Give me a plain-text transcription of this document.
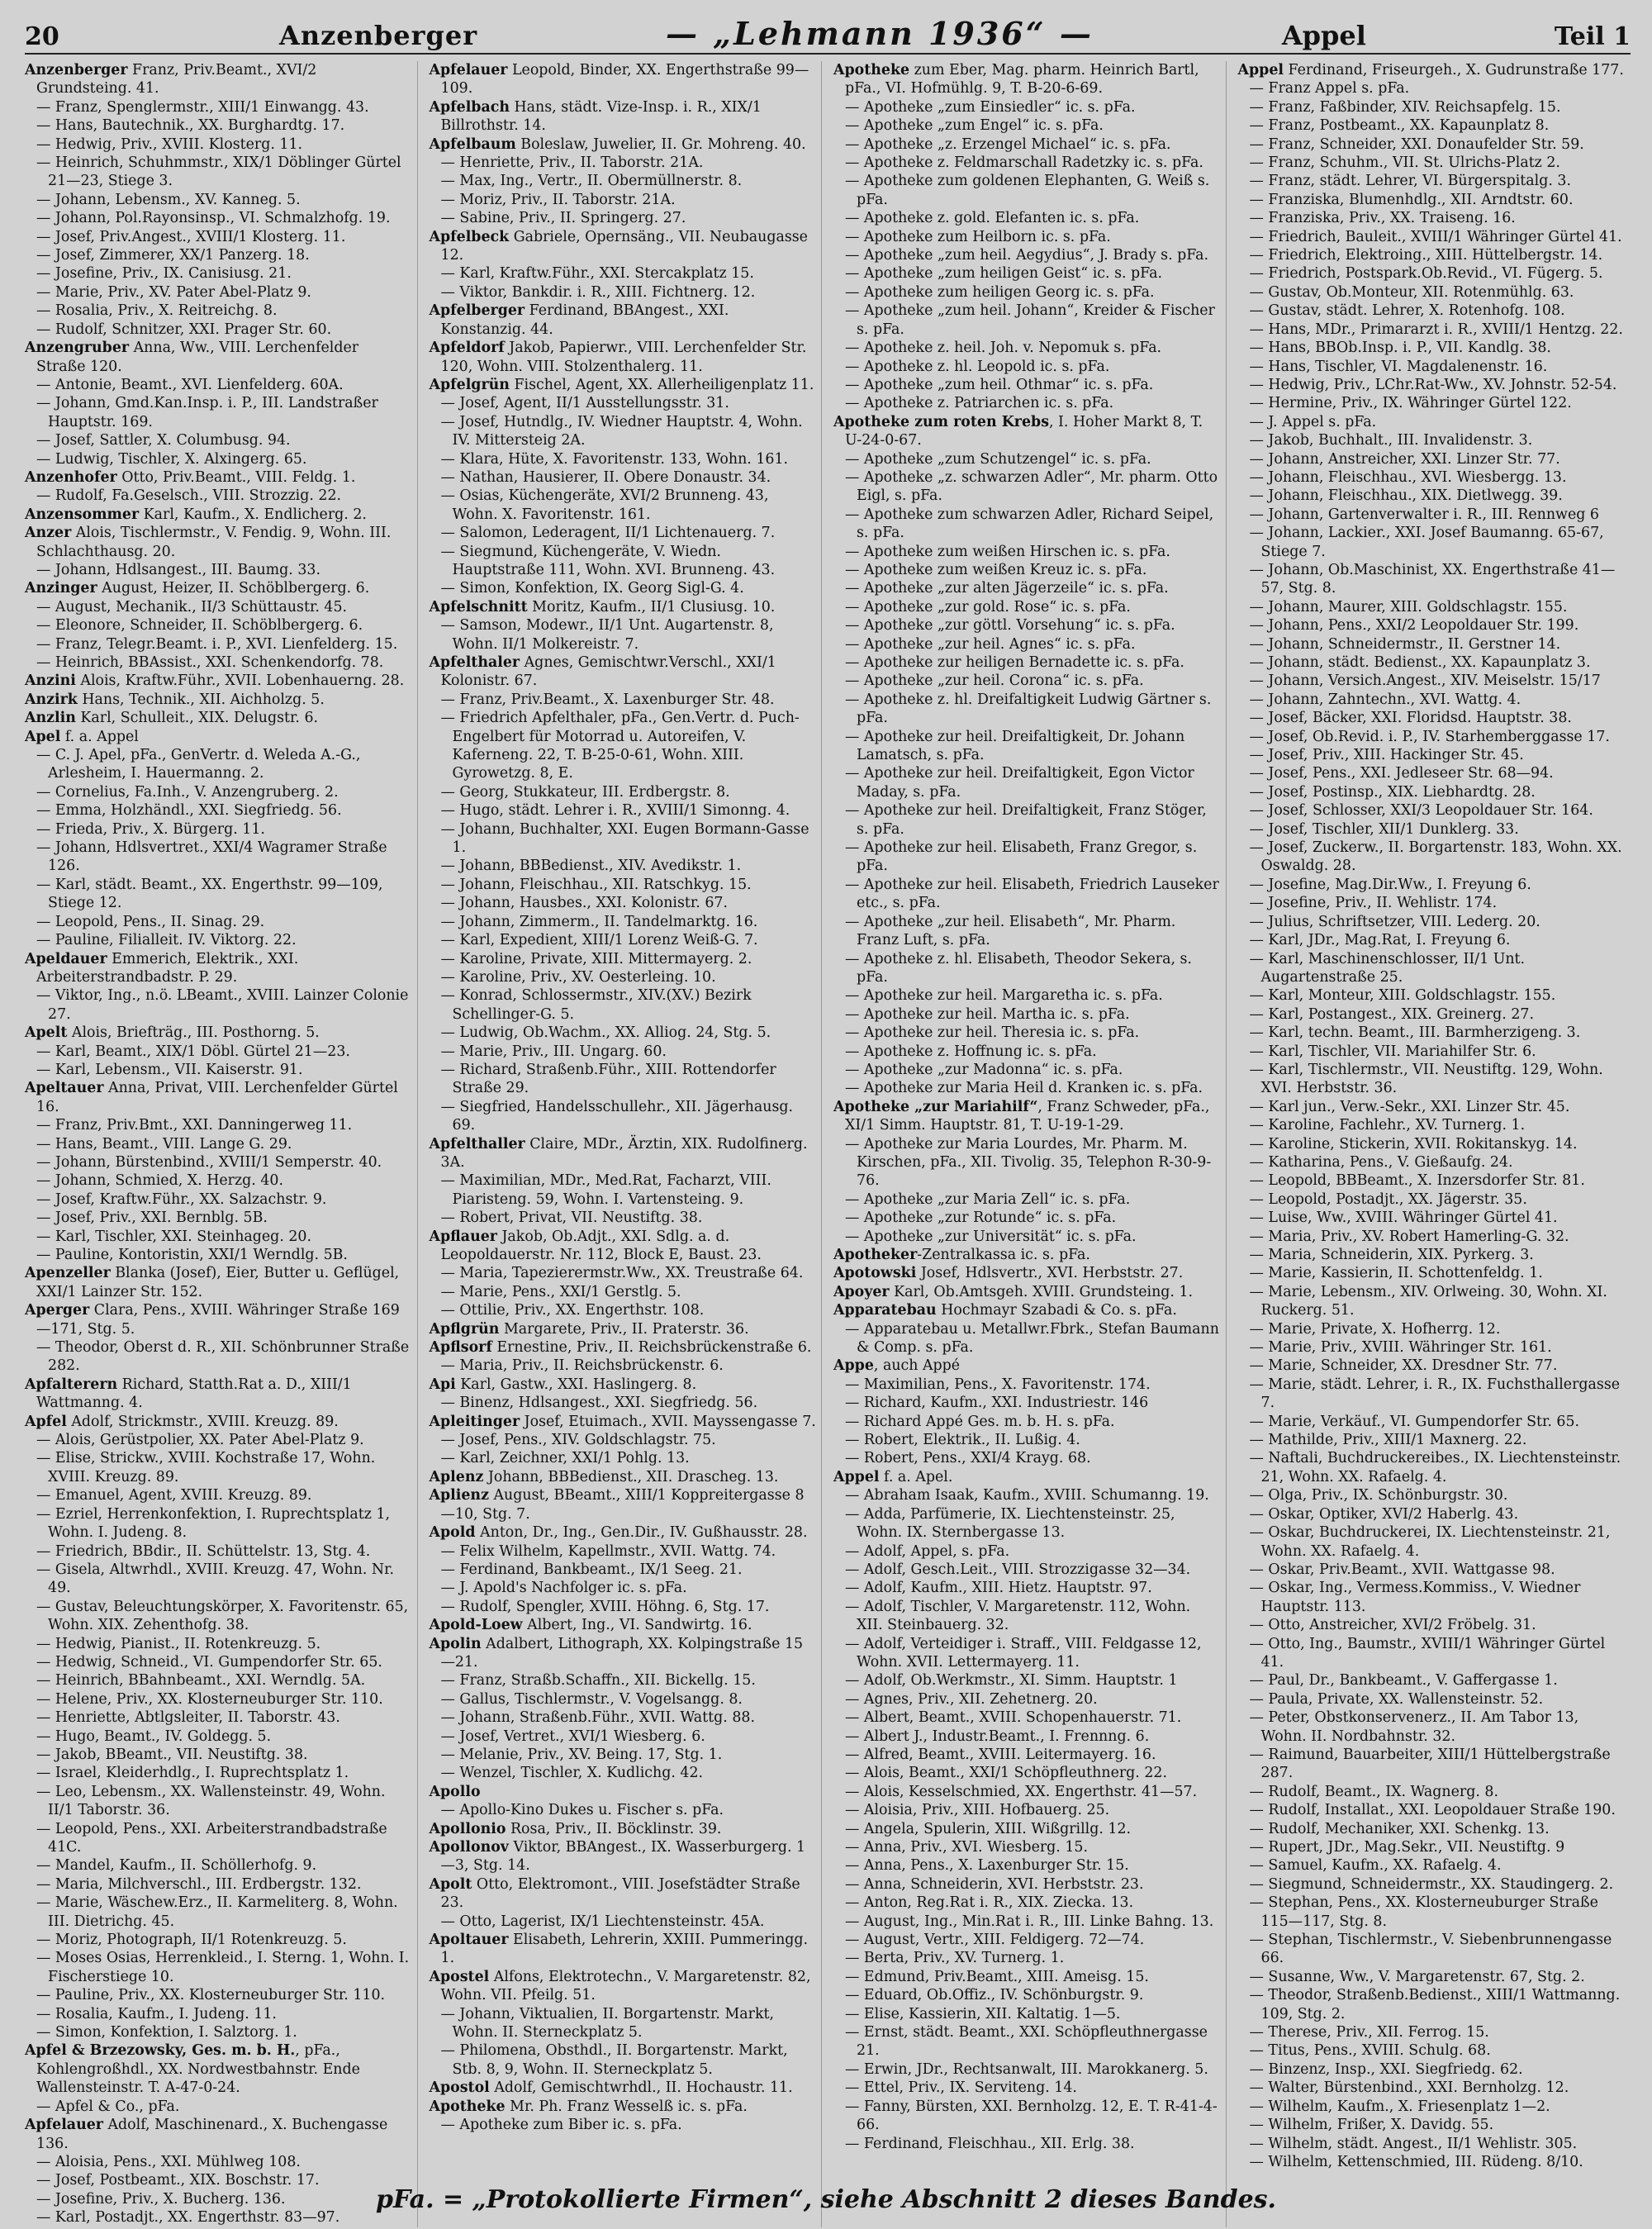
20	Anzenberger	— „Lehmann 1936“ —	Appel	Teil 1
Anzenberger Franz, Priv.Beamt., XVI/2 Grundsteing. 41.
— Franz, Spenglermstr., XIII/1 Einwangg. 43.
— Hans, Bautechnik., XX. Burghardtg. 17.
— Hedwig, Priv., XVIII. Klosterg. 11.
— Heinrich, Schuhmmstr., XIX/1 Döblinger Gürtel 21—23, Stiege 3.
— Johann, Lebensm., XV. Kanneg. 5.
— Johann, Pol.Rayonsinsp., VI. Schmalzhofg. 19.
— Josef, Priv.Angest., XVIII/1 Klosterg. 11.
— Josef, Zimmerer, XX/1 Panzerg. 18.
— Josefine, Priv., IX. Canisiusg. 21.
— Marie, Priv., XV. Pater Abel-Platz 9.
— Rosalia, Priv., X. Reitreichg. 8.
— Rudolf, Schnitzer, XXI. Prager Str. 60.
Anzengruber Anna, Ww., VIII. Lerchenfelder Straße 120.
— Antonie, Beamt., XVI. Lienfelderg. 60A.
— Johann, Gmd.Kan.Insp. i. P., III. Landstraßer Hauptstr. 169.
— Josef, Sattler, X. Columbusg. 94.
— Ludwig, Tischler, X. Alxingerg. 65.
Anzenhofer Otto, Priv.Beamt., VIII. Feldg. 1.
— Rudolf, Fa.Geselsch., VIII. Strozzig. 22.
Anzensommer Karl, Kaufm., X. Endlicherg. 2.
Anzer Alois, Tischlermstr., V. Fendig. 9, Wohn. III. Schlachthausg. 20.
— Johann, Hdlsangest., III. Baumg. 33.
Anzinger August, Heizer, II. Schöblbergerg. 6.
— August, Mechanik., II/3 Schüttaustr. 45.
— Eleonore, Schneider, II. Schöblbergerg. 6.
— Franz, Telegr.Beamt. i. P., XVI. Lienfelderg. 15.
— Heinrich, BBAssist., XXI. Schenkendorfg. 78.
Anzini Alois, Kraftw.Führ., XVII. Lobenhauerng. 28.
Anzirk Hans, Technik., XII. Aichholzg. 5.
Anzlin Karl, Schulleit., XIX. Delugstr. 6.
Apel f. a. Appel
— C. J. Apel, pFa., GenVertr. d. Weleda A.-G., Arlesheim, I. Hauermanng. 2.
— Cornelius, Fa.Inh., V. Anzengruberg. 2.
— Emma, Holzhändl., XXI. Siegfriedg. 56.
— Frieda, Priv., X. Bürgerg. 11.
— Johann, Hdlsvertret., XXI/4 Wagramer Straße 126.
— Karl, städt. Beamt., XX. Engerthstr. 99—109, Stiege 12.
— Leopold, Pens., II. Sinag. 29.
— Pauline, Filialleit. IV. Viktorg. 22.
Apeldauer Emmerich, Elektrik., XXI. Arbeiterstrandbadstr. P. 29.
— Viktor, Ing., n.ö. LBeamt., XVIII. Lainzer Colonie 27.
Apelt Alois, Briefträg., III. Posthorng. 5.
— Karl, Beamt., XIX/1 Döbl. Gürtel 21—23.
— Karl, Lebensm., VII. Kaiserstr. 91.
Apeltauer Anna, Privat, VIII. Lerchenfelder Gürtel 16.
— Franz, Priv.Bmt., XXI. Danningerweg 11.
— Hans, Beamt., VIII. Lange G. 29.
— Johann, Bürstenbind., XVIII/1 Semperstr. 40.
— Johann, Schmied, X. Herzg. 40.
— Josef, Kraftw.Führ., XX. Salzachstr. 9.
— Josef, Priv., XXI. Bernblg. 5B.
— Karl, Tischler, XXI. Steinhageg. 20.
— Pauline, Kontoristin, XXI/1 Werndlg. 5B.
Apenzeller Blanka (Josef), Eier, Butter u. Geflügel, XXI/1 Lainzer Str. 152.
Aperger Clara, Pens., XVIII. Währinger Straße 169—171, Stg. 5.
— Theodor, Oberst d. R., XII. Schönbrunner Straße 282.
Apfalterern Richard, Statth.Rat a. D., XIII/1 Wattmanng. 4.
Apfel Adolf, Strickmstr., XVIII. Kreuzg. 89.
— Alois, Gerüstpolier, XX. Pater Abel-Platz 9.
— Elise, Strickw., XVIII. Kochstraße 17, Wohn. XVIII. Kreuzg. 89.
— Emanuel, Agent, XVIII. Kreuzg. 89.
— Ezriel, Herrenkonfektion, I. Ruprechtsplatz 1, Wohn. I. Judeng. 8.
— Friedrich, BBdir., II. Schüttelstr. 13, Stg. 4.
— Gisela, Altwrhdl., XVIII. Kreuzg. 47, Wohn. Nr. 49.
— Gustav, Beleuchtungskörper, X. Favoritenstr. 65, Wohn. XIX. Zehenthofg. 38.
— Hedwig, Pianist., II. Rotenkreuzg. 5.
— Hedwig, Schneid., VI. Gumpendorfer Str. 65.
— Heinrich, BBahnbeamt., XXI. Werndlg. 5A.
— Helene, Priv., XX. Klosterneuburger Str. 110.
— Henriette, Abtlgsleiter, II. Taborstr. 43.
— Hugo, Beamt., IV. Goldegg. 5.
— Jakob, BBeamt., VII. Neustiftg. 38.
— Israel, Kleiderhdlg., I. Ruprechtsplatz 1.
— Leo, Lebensm., XX. Wallensteinstr. 49, Wohn. II/1 Taborstr. 36.
— Leopold, Pens., XXI. Arbeiterstrandbadstraße 41C.
— Mandel, Kaufm., II. Schöllerhofg. 9.
— Maria, Milchverschl., III. Erdbergstr. 132.
— Marie, Wäschew.Erz., II. Karmeliterg. 8, Wohn. III. Dietrichg. 45.
— Moriz, Photograph, II/1 Rotenkreuzg. 5.
— Moses Osias, Herrenkleid., I. Sterng. 1, Wohn. I. Fischerstiege 10.
— Pauline, Priv., XX. Klosterneuburger Str. 110.
— Rosalia, Kaufm., I. Judeng. 11.
— Simon, Konfektion, I. Salztorg. 1.
Apfel & Brzezowsky, Ges. m. b. H., pFa., Kohlengroßhdl., XX. Nordwestbahnstr. Ende Wallensteinstr. T. A-47-0-24.
— Apfel & Co., pFa.
Apfelauer Adolf, Maschinenard., X. Buchengasse 136.
— Aloisia, Pens., XXI. Mühlweg 108.
— Josef, Postbeamt., XIX. Boschstr. 17.
— Josefine, Priv., X. Bucherg. 136.
— Karl, Postadjt., XX. Engerthstr. 83—97.
Apfelauer Leopold, Binder, XX. Engerthstraße 99—109.
Apfelbach Hans, städt. Vize-Insp. i. R., XIX/1 Billrothstr. 14.
Apfelbaum Boleslaw, Juwelier, II. Gr. Mohreng. 40.
— Henriette, Priv., II. Taborstr. 21A.
— Max, Ing., Vertr., II. Obermüllnerstr. 8.
— Moriz, Priv., II. Taborstr. 21A.
— Sabine, Priv., II. Springerg. 27.
Apfelbeck Gabriele, Opernsäng., VII. Neubaugasse 12.
— Karl, Kraftw.Führ., XXI. Stercakplatz 15.
— Viktor, Bankdir. i. R., XIII. Fichtnerg. 12.
Apfelberger Ferdinand, BBAngest., XXI. Konstanzig. 44.
Apfeldorf Jakob, Papierwr., VIII. Lerchenfelder Str. 120, Wohn. VIII. Stolzenthalerg. 11.
Apfelgrün Fischel, Agent, XX. Allerheiligenplatz 11.
— Josef, Agent, II/1 Ausstellungsstr. 31.
— Josef, Hutndlg., IV. Wiedner Hauptstr. 4, Wohn. IV. Mittersteig 2A.
— Klara, Hüte, X. Favoritenstr. 133, Wohn. 161.
— Nathan, Hausierer, II. Obere Donaustr. 34.
— Osias, Küchengeräte, XVI/2 Brunneng. 43, Wohn. X. Favoritenstr. 161.
— Salomon, Lederagent, II/1 Lichtenauerg. 7.
— Siegmund, Küchengeräte, V. Wiedn. Hauptstraße 111, Wohn. XVI. Brunneng. 43.
— Simon, Konfektion, IX. Georg Sigl-G. 4.
Apfelschnitt Moritz, Kaufm., II/1 Clusiusg. 10.
— Samson, Modewr., II/1 Unt. Augartenstr. 8, Wohn. II/1 Molkereistr. 7.
Apfelthaler Agnes, Gemischtwr.Verschl., XXI/1 Kolonistr. 67.
— Franz, Priv.Beamt., X. Laxenburger Str. 48.
— Friedrich Apfelthaler, pFa., Gen.Vertr. d. Puch-Engelbert für Motorrad u. Autoreifen, V. Kaferneng. 22, T. B-25-0-61, Wohn. XIII. Gyrowetzg. 8, E.
— Georg, Stukkateur, III. Erdbergstr. 8.
— Hugo, städt. Lehrer i. R., XVIII/1 Simonng. 4.
— Johann, Buchhalter, XXI. Eugen Bormann-Gasse 1.
— Johann, BBBedienst., XIV. Avedikstr. 1.
— Johann, Fleischhau., XII. Ratschkyg. 15.
— Johann, Hausbes., XXI. Kolonistr. 67.
— Johann, Zimmerm., II. Tandelmarktg. 16.
— Karl, Expedient, XIII/1 Lorenz Weiß-G. 7.
— Karoline, Private, XIII. Mittermayerg. 2.
— Karoline, Priv., XV. Oesterleing. 10.
— Konrad, Schlossermstr., XIV.(XV.) Bezirk Schellinger-G. 5.
— Ludwig, Ob.Wachm., XX. Alliog. 24, Stg. 5.
— Marie, Priv., III. Ungarg. 60.
— Richard, Straßenb.Führ., XIII. Rottendorfer Straße 29.
— Siegfried, Handelsschullehr., XII. Jägerhausg. 69.
Apfelthaller Claire, MDr., Ärztin, XIX. Rudolfinerg. 3A.
— Maximilian, MDr., Med.Rat, Facharzt, VIII. Piaristeng. 59, Wohn. I. Vartensteing. 9.
— Robert, Privat, VII. Neustiftg. 38.
Apflauer Jakob, Ob.Adjt., XXI. Sdlg. a. d. Leopoldauerstr. Nr. 112, Block E, Baust. 23.
— Maria, Tapezierermstr.Ww., XX. Treustraße 64.
— Marie, Pens., XXI/1 Gerstlg. 5.
— Ottilie, Priv., XX. Engerthstr. 108.
Apflgrün Margarete, Priv., II. Praterstr. 36.
Apflsorf Ernestine, Priv., II. Reichsbrückenstraße 6.
— Maria, Priv., II. Reichsbrückenstr. 6.
Api Karl, Gastw., XXI. Haslingerg. 8.
— Binenz, Hdlsangest., XXI. Siegfriedg. 56.
Apleitinger Josef, Etuimach., XVII. Mayssengasse 7.
— Josef, Pens., XIV. Goldschlagstr. 75.
— Karl, Zeichner, XXI/1 Pohlg. 13.
Aplenz Johann, BBBedienst., XII. Drascheg. 13.
Aplienz August, BBeamt., XIII/1 Koppreitergasse 8—10, Stg. 7.
Apold Anton, Dr., Ing., Gen.Dir., IV. Gußhausstr. 28.
— Felix Wilhelm, Kapellmstr., XVII. Wattg. 74.
— Ferdinand, Bankbeamt., IX/1 Seeg. 21.
— J. Apold's Nachfolger ic. s. pFa.
— Rudolf, Spengler, XVIII. Höhng. 6, Stg. 17.
Apold-Loew Albert, Ing., VI. Sandwirtg. 16.
Apolin Adalbert, Lithograph, XX. Kolpingstraße 15—21.
— Franz, Straßb.Schaffn., XII. Bickellg. 15.
— Gallus, Tischlermstr., V. Vogelsangg. 8.
— Johann, Straßenb.Führ., XVII. Wattg. 88.
— Josef, Vertret., XVI/1 Wiesberg. 6.
— Melanie, Priv., XV. Being. 17, Stg. 1.
— Wenzel, Tischler, X. Kudlichg. 42.
Apollo
— Apollo-Kino Dukes u. Fischer s. pFa.
Apollonio Rosa, Priv., II. Böcklinstr. 39.
Apollonov Viktor, BBAngest., IX. Wasserburgerg. 1—3, Stg. 14.
Apolt Otto, Elektromont., VIII. Josefstädter Straße 23.
— Otto, Lagerist, IX/1 Liechtensteinstr. 45A.
Apoltauer Elisabeth, Lehrerin, XXIII. Pummeringg. 1.
Apostel Alfons, Elektrotechn., V. Margaretenstr. 82, Wohn. VII. Pfeilg. 51.
— Johann, Viktualien, II. Borgartenstr. Markt, Wohn. II. Sterneckplatz 5.
— Philomena, Obsthdl., II. Borgartenstr. Markt, Stb. 8, 9, Wohn. II. Sterneckplatz 5.
Apostol Adolf, Gemischtwrhdl., II. Hochaustr. 11.
Apotheke Mr. Ph. Franz Wesselß ic. s. pFa.
— Apotheke zum Biber ic. s. pFa.
Apotheke zum Eber, Mag. pharm. Heinrich Bartl, pFa., VI. Hofmühlg. 9, T. B-20-6-69.
— Apotheke „zum Einsiedler“ ic. s. pFa.
— Apotheke „zum Engel“ ic. s. pFa.
— Apotheke „z. Erzengel Michael“ ic. s. pFa.
— Apotheke z. Feldmarschall Radetzky ic. s. pFa.
— Apotheke zum goldenen Elephanten, G. Weiß s. pFa.
— Apotheke z. gold. Elefanten ic. s. pFa.
— Apotheke zum Heilborn ic. s. pFa.
— Apotheke „zum heil. Aegydius“, J. Brady s. pFa.
— Apotheke „zum heiligen Geist“ ic. s. pFa.
— Apotheke zum heiligen Georg ic. s. pFa.
— Apotheke „zum heil. Johann“, Kreider & Fischer s. pFa.
— Apotheke z. heil. Joh. v. Nepomuk s. pFa.
— Apotheke z. hl. Leopold ic. s. pFa.
— Apotheke „zum heil. Othmar“ ic. s. pFa.
— Apotheke z. Patriarchen ic. s. pFa.
Apotheke zum roten Krebs, I. Hoher Markt 8, T. U-24-0-67.
— Apotheke „zum Schutzengel“ ic. s. pFa.
— Apotheke „z. schwarzen Adler“, Mr. pharm. Otto Eigl, s. pFa.
— Apotheke zum schwarzen Adler, Richard Seipel, s. pFa.
— Apotheke zum weißen Hirschen ic. s. pFa.
— Apotheke zum weißen Kreuz ic. s. pFa.
— Apotheke „zur alten Jägerzeile“ ic. s. pFa.
— Apotheke „zur gold. Rose“ ic. s. pFa.
— Apotheke „zur göttl. Vorsehung“ ic. s. pFa.
— Apotheke „zur heil. Agnes“ ic. s. pFa.
— Apotheke zur heiligen Bernadette ic. s. pFa.
— Apotheke „zur heil. Corona“ ic. s. pFa.
— Apotheke z. hl. Dreifaltigkeit Ludwig Gärtner s. pFa.
— Apotheke zur heil. Dreifaltigkeit, Dr. Johann Lamatsch, s. pFa.
— Apotheke zur heil. Dreifaltigkeit, Egon Victor Maday, s. pFa.
— Apotheke zur heil. Dreifaltigkeit, Franz Stöger, s. pFa.
— Apotheke zur heil. Elisabeth, Franz Gregor, s. pFa.
— Apotheke zur heil. Elisabeth, Friedrich Lauseker etc., s. pFa.
— Apotheke „zur heil. Elisabeth“, Mr. Pharm. Franz Luft, s. pFa.
— Apotheke z. hl. Elisabeth, Theodor Sekera, s. pFa.
— Apotheke zur heil. Margaretha ic. s. pFa.
— Apotheke zur heil. Martha ic. s. pFa.
— Apotheke zur heil. Theresia ic. s. pFa.
— Apotheke z. Hoffnung ic. s. pFa.
— Apotheke „zur Madonna“ ic. s. pFa.
— Apotheke zur Maria Heil d. Kranken ic. s. pFa.
Apotheke „zur Mariahilf“, Franz Schweder, pFa., XI/1 Simm. Hauptstr. 81, T. U-19-1-29.
— Apotheke zur Maria Lourdes, Mr. Pharm. M. Kirschen, pFa., XII. Tivolig. 35, Telephon R-30-9-76.
— Apotheke „zur Maria Zell“ ic. s. pFa.
— Apotheke „zur Rotunde“ ic. s. pFa.
— Apotheke „zur Universität“ ic. s. pFa.
Apotheker-Zentralkassa ic. s. pFa.
Apotowski Josef, Hdlsvertr., XVI. Herbststr. 27.
Apoyer Karl, Ob.Amtsgeh. XVIII. Grundsteing. 1.
Apparatebau Hochmayr Szabadi & Co. s. pFa.
— Apparatebau u. Metallwr.Fbrk., Stefan Baumann & Comp. s. pFa.
Appe, auch Appé
— Maximilian, Pens., X. Favoritenstr. 174.
— Richard, Kaufm., XXI. Industriestr. 146
— Richard Appé Ges. m. b. H. s. pFa.
— Robert, Elektrik., II. Lußig. 4.
— Robert, Pens., XXI/4 Krayg. 68.
Appel f. a. Apel.
— Abraham Isaak, Kaufm., XVIII. Schumanng. 19.
— Adda, Parfümerie, IX. Liechtensteinstr. 25, Wohn. IX. Sternbergasse 13.
— Adolf, Appel, s. pFa.
— Adolf, Gesch.Leit., VIII. Strozzigasse 32—34.
— Adolf, Kaufm., XIII. Hietz. Hauptstr. 97.
— Adolf, Tischler, V. Margaretenstr. 112, Wohn. XII. Steinbauerg. 32.
— Adolf, Verteidiger i. Straff., VIII. Feldgasse 12, Wohn. XVII. Lettermayerg. 11.
— Adolf, Ob.Werkmstr., XI. Simm. Hauptstr. 1
— Agnes, Priv., XII. Zehetnerg. 20.
— Albert, Beamt., XVIII. Schopenhauerstr. 71.
— Albert J., Industr.Beamt., I. Frennng. 6.
— Alfred, Beamt., XVIII. Leitermayerg. 16.
— Alois, Beamt., XXI/1 Schöpfleuthnerg. 22.
— Alois, Kesselschmied, XX. Engerthstr. 41—57.
— Aloisia, Priv., XIII. Hofbauerg. 25.
— Angela, Spulerin, XIII. Wißgrillg. 12.
— Anna, Priv., XVI. Wiesberg. 15.
— Anna, Pens., X. Laxenburger Str. 15.
— Anna, Schneiderin, XVI. Herbststr. 23.
— Anton, Reg.Rat i. R., XIX. Ziecka. 13.
— August, Ing., Min.Rat i. R., III. Linke Bahng. 13.
— August, Vertr., XIII. Feldigerg. 72—74.
— Berta, Priv., XV. Turnerg. 1.
— Edmund, Priv.Beamt., XIII. Ameisg. 15.
— Eduard, Ob.Offiz., IV. Schönburgstr. 9.
— Elise, Kassierin, XII. Kaltatig. 1—5.
— Ernst, städt. Beamt., XXI. Schöpfleuthnergasse 21.
— Erwin, JDr., Rechtsanwalt, III. Marokkanerg. 5.
— Ettel, Priv., IX. Serviteng. 14.
— Fanny, Bürsten, XXI. Bernholzg. 12, E. T. R-41-4-66.
— Ferdinand, Fleischhau., XII. Erlg. 38.
Appel Ferdinand, Friseurgeh., X. Gudrunstraße 177.
— Franz Appel s. pFa.
— Franz, Faßbinder, XIV. Reichsapfelg. 15.
— Franz, Postbeamt., XX. Kapaunplatz 8.
— Franz, Schneider, XXI. Donaufelder Str. 59.
— Franz, Schuhm., VII. St. Ulrichs-Platz 2.
— Franz, städt. Lehrer, VI. Bürgerspitalg. 3.
— Franziska, Blumenhdlg., XII. Arndtstr. 60.
— Franziska, Priv., XX. Traisenɡ. 16.
— Friedrich, Bauleit., XVIII/1 Währinger Gürtel 41.
— Friedrich, Elektroing., XIII. Hüttelbergstr. 14.
— Friedrich, Postspark.Ob.Revid., VI. Fügerg. 5.
— Gustav, Ob.Monteur, XII. Rotenmühlg. 63.
— Gustav, städt. Lehrer, X. Rotenhofg. 108.
— Hans, MDr., Primararzt i. R., XVIII/1 Hentzg. 22.
— Hans, BBOb.Insp. i. P., VII. Kandlg. 38.
— Hans, Tischler, VI. Magdalenenstr. 16.
— Hedwig, Priv., LChr.Rat-Ww., XV. Johnstr. 52-54.
— Hermine, Priv., IX. Währinger Gürtel 122.
— J. Appel s. pFa.
— Jakob, Buchhalt., III. Invalidenstr. 3.
— Johann, Anstreicher, XXI. Linzer Str. 77.
— Johann, Fleischhau., XVI. Wiesbergg. 13.
— Johann, Fleischhau., XIX. Dietlwegg. 39.
— Johann, Gartenverwalter i. R., III. Rennweg 6
— Johann, Lackier., XXI. Josef Baumanng. 65-67, Stiege 7.
— Johann, Ob.Maschinist, XX. Engerthstraße 41—57, Stg. 8.
— Johann, Maurer, XIII. Goldschlagstr. 155.
— Johann, Pens., XXI/2 Leopoldauer Str. 199.
— Johann, Schneidermstr., II. Gerstner 14.
— Johann, städt. Bedienst., XX. Kapaunplatz 3.
— Johann, Versich.Angest., XIV. Meiselstr. 15/17
— Johann, Zahntechn., XVI. Wattg. 4.
— Josef, Bäcker, XXI. Floridsd. Hauptstr. 38.
— Josef, Ob.Revid. i. P., IV. Starhemberggasse 17.
— Josef, Priv., XIII. Hackinger Str. 45.
— Josef, Pens., XXI. Jedleseer Str. 68—94.
— Josef, Postinsp., XIX. Liebhardtg. 28.
— Josef, Schlosser, XXI/3 Leopoldauer Str. 164.
— Josef, Tischler, XII/1 Dunklerg. 33.
— Josef, Zuckerw., II. Borgartenstr. 183, Wohn. XX. Oswaldg. 28.
— Josefine, Mag.Dir.Ww., I. Freyung 6.
— Josefine, Priv., II. Wehlistr. 174.
— Julius, Schriftsetzer, VIII. Lederg. 20.
— Karl, JDr., Mag.Rat, I. Freyung 6.
— Karl, Maschinenschlosser, II/1 Unt. Augartenstraße 25.
— Karl, Monteur, XIII. Goldschlagstr. 155.
— Karl, Postangest., XIX. Greinerg. 27.
— Karl, techn. Beamt., III. Barmherzigeng. 3.
— Karl, Tischler, VII. Mariahilfer Str. 6.
— Karl, Tischlermstr., VII. Neustiftg. 129, Wohn. XVI. Herbststr. 36.
— Karl jun., Verw.-Sekr., XXI. Linzer Str. 45.
— Karoline, Fachlehr., XV. Turnerg. 1.
— Karoline, Stickerin, XVII. Rokitanskyg. 14.
— Katharina, Pens., V. Gießaufg. 24.
— Leopold, BBBeamt., X. Inzersdorfer Str. 81.
— Leopold, Postadjt., XX. Jägerstr. 35.
— Luise, Ww., XVIII. Währinger Gürtel 41.
— Maria, Priv., XV. Robert Hamerling-G. 32.
— Maria, Schneiderin, XIX. Pyrkerg. 3.
— Marie, Kassierin, II. Schottenfeldg. 1.
— Marie, Lebensm., XIV. Orlweing. 30, Wohn. XI. Ruckerg. 51.
— Marie, Private, X. Hofherrg. 12.
— Marie, Priv., XVIII. Währinger Str. 161.
— Marie, Schneider, XX. Dresdner Str. 77.
— Marie, städt. Lehrer, i. R., IX. Fuchsthallergasse 7.
— Marie, Verkäuf., VI. Gumpendorfer Str. 65.
— Mathilde, Priv., XIII/1 Maxnerg. 22.
— Naftali, Buchdruckereibes., IX. Liechtensteinstr. 21, Wohn. XX. Rafaelg. 4.
— Olga, Priv., IX. Schönburgstr. 30.
— Oskar, Optiker, XVI/2 Haberlg. 43.
— Oskar, Buchdruckerei, IX. Liechtensteinstr. 21, Wohn. XX. Rafaelg. 4.
— Oskar, Priv.Beamt., XVII. Wattgasse 98.
— Oskar, Ing., Vermess.Kommiss., V. Wiedner Hauptstr. 113.
— Otto, Anstreicher, XVI/2 Fröbelg. 31.
— Otto, Ing., Baumstr., XVIII/1 Währinger Gürtel 41.
— Paul, Dr., Bankbeamt., V. Gaffergasse 1.
— Paula, Private, XX. Wallensteinstr. 52.
— Peter, Obstkonservenerz., II. Am Tabor 13, Wohn. II. Nordbahnstr. 32.
— Raimund, Bauarbeiter, XIII/1 Hüttelbergstraße 287.
— Rudolf, Beamt., IX. Wagnerg. 8.
— Rudolf, Installat., XXI. Leopoldauer Straße 190.
— Rudolf, Mechaniker, XXI. Schenkg. 13.
— Rupert, JDr., Mag.Sekr., VII. Neustiftg. 9
— Samuel, Kaufm., XX. Rafaelg. 4.
— Siegmund, Schneidermstr., XX. Staudingerg. 2.
— Stephan, Pens., XX. Klosterneuburger Straße 115—117, Stg. 8.
— Stephan, Tischlermstr., V. Siebenbrunnengasse 66.
— Susanne, Ww., V. Margaretenstr. 67, Stg. 2.
— Theodor, Straßenb.Bedienst., XIII/1 Wattmanng. 109, Stg. 2.
— Therese, Priv., XII. Ferrog. 15.
— Titus, Pens., XVIII. Schulg. 68.
— Binzenz, Insp., XXI. Siegfriedg. 62.
— Walter, Bürstenbind., XXI. Bernholzg. 12.
— Wilhelm, Kaufm., X. Friesenplatz 1—2.
— Wilhelm, Frißer, X. Davidg. 55.
— Wilhelm, städt. Angest., II/1 Wehlistr. 305.
— Wilhelm, Kettenschmied, III. Rüdeng. 8/10.
pFa. = „Protokollierte Firmen“, siehe Abschnitt 2 dieses Bandes.
